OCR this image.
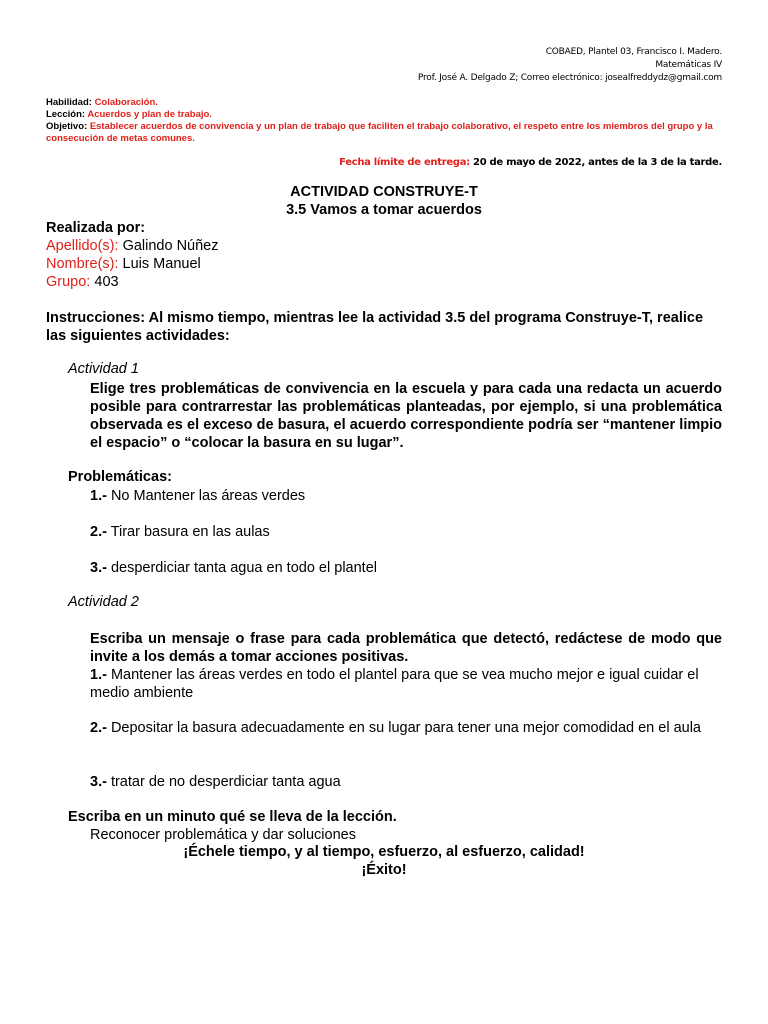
COBAED, Plantel 03, Francisco I. Madero.
Matemáticas IV
Prof. José A. Delgado Z; Correo electrónico: josealfreddydz@gmail.com
Habilidad: Colaboración.
Lección: Acuerdos y plan de trabajo.
Objetivo: Establecer acuerdos de convivencia y un plan de trabajo que faciliten el trabajo colaborativo, el respeto entre los miembros del grupo y la consecución de metas comunes.
Fecha límite de entrega: 20 de mayo de 2022, antes de la 3 de la tarde.
ACTIVIDAD CONSTRUYE-T
3.5 Vamos a tomar acuerdos
Realizada por:
Apellido(s): Galindo Núñez
Nombre(s): Luis Manuel
Grupo: 403
Instrucciones: Al mismo tiempo, mientras lee la actividad 3.5 del programa Construye-T, realice las siguientes actividades:
Actividad 1
Elige tres problemáticas de convivencia en la escuela y para cada una redacta un acuerdo posible para contrarrestar las problemáticas planteadas, por ejemplo, si una problemática observada es el exceso de basura, el acuerdo correspondiente podría ser “mantener limpio el espacio” o “colocar la basura en su lugar”.
Problemáticas:
1.- No Mantener las áreas verdes
2.- Tirar basura en las aulas
3.- desperdiciar tanta agua en todo el plantel
Actividad 2
Escriba un mensaje o frase para cada problemática que detectó, redáctese de modo que invite a los demás a tomar acciones positivas.
1.- Mantener las áreas verdes en todo el plantel para que se vea mucho mejor e igual cuidar el medio ambiente
2.- Depositar la basura adecuadamente en su lugar para tener una mejor comodidad en el aula
3.- tratar de no desperdiciar tanta agua
Escriba en un minuto qué se lleva de la lección.
Reconocer problemática y dar soluciones
¡Échele tiempo, y al tiempo, esfuerzo, al esfuerzo, calidad!
¡Éxito!
